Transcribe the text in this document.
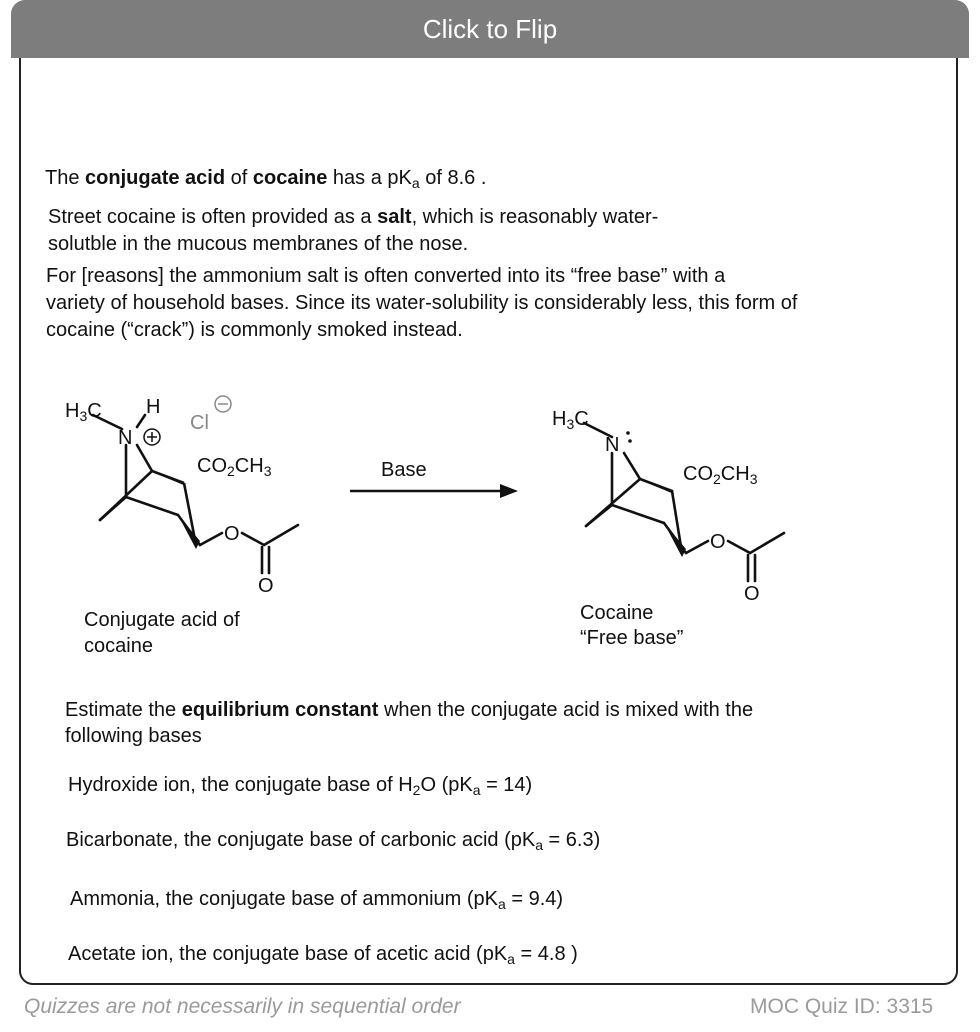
Click to Flip

The conjugate acid of cocaine has a $pK_a$ of 8.6 .

Street cocaine is often provided as a salt, which is reasonably water-

solutble in the mucous membranes of the nose.

For [reasons] the ammonium salt is often converted into its “free base” with a

variety of household bases. Since its water-solubility is considerably less, this form of

cocaine (“crack”) is commonly smoked instead.

$H_3C$ H
N
Cl
$CO_2CH_3$
O
O
Base
$H_3C$
N
$CO_2CH_3$
O
O
Conjugate acid of
cocaine
Cocaine
“Free base”

Estimate the equilibrium constant when the conjugate acid is mixed with the

following bases

Hydroxide ion, the conjugate base of $H_2O$ $(pK_a = 14)$

Bicarbonate, the conjugate base of carbonic acid $(pK_a = 6.3)$

Ammonia, the conjugate base of ammonium $(pK_a = 9.4)$

Acetate ion, the conjugate base of acetic acid ($pK_a = 4.8$ )

Quizzes are not necessarily in sequential order	MOC Quiz ID: 3315
